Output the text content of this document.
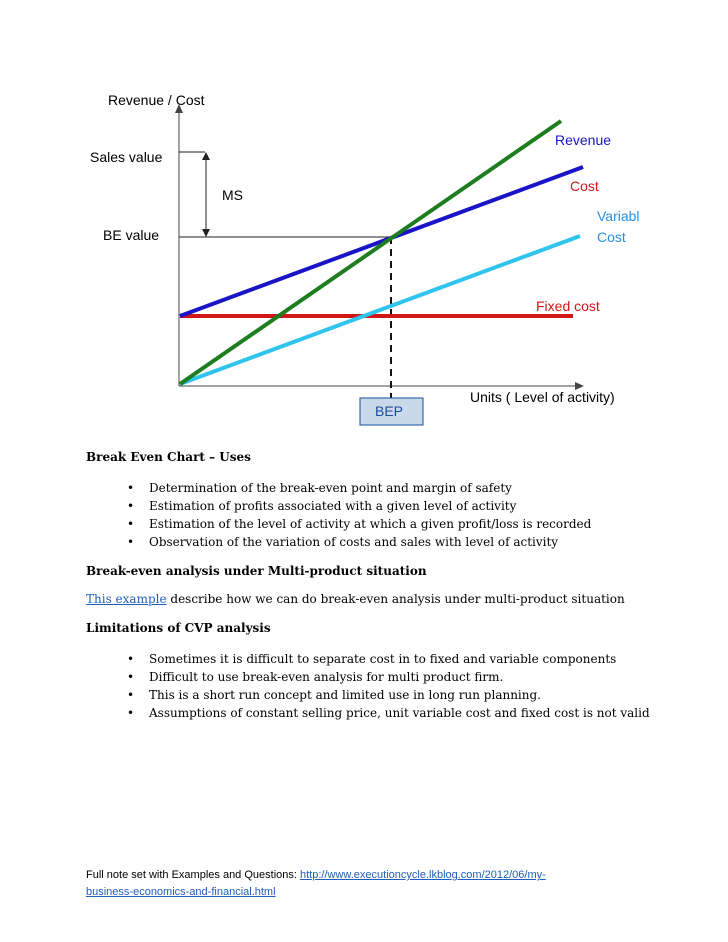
Revenue / Cost
Sales value
BE value
MS
Units ( Level of activity)
BEP
Revenue
Cost
Variabl
Cost
Fixed cost

Break Even Chart – Uses

• Determination of the break-even point and margin of safety
• Estimation of profits associated with a given level of activity
• Estimation of the level of activity at which a given profit/loss is recorded
• Observation of the variation of costs and sales with level of activity

Break-even analysis under Multi-product situation

This example describe how we can do break-even analysis under multi-product situation

Limitations of CVP analysis

• Sometimes it is difficult to separate cost in to fixed and variable components
• Difficult to use break-even analysis for multi product firm.
• This is a short run concept and limited use in long run planning.
• Assumptions of constant selling price, unit variable cost and fixed cost is not valid
Full note set with Examples and Questions: http://www.executioncycle.lkblog.com/2012/06/my-
business-economics-and-financial.html
